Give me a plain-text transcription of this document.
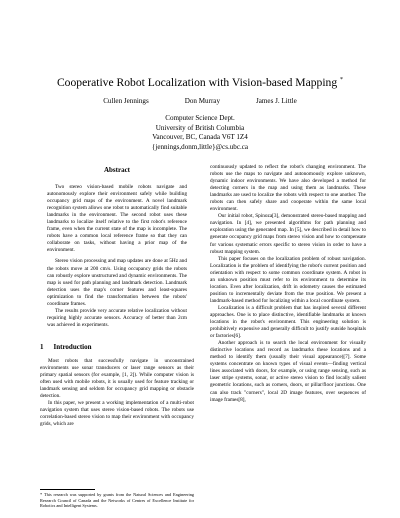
Cooperative Robot Localization with Vision-based Mapping *
Cullen Jennings	Don Murray	James J. Little
Computer Science Dept.
University of British Columbia
Vancouver, BC, Canada V6T 1Z4
{jennings,donm,little}@cs.ubc.ca
Abstract

Two stereo vision-based mobile robots navigate and autonomously explore their environment safely while building occupancy grid maps of the environment. A novel landmark recognition system allows one robot to automatically find suitable landmarks in the environment. The second robot uses these landmarks to localize itself relative to the first robot's reference frame, even when the current state of the map is incomplete. The robots have a common local reference frame so that they can collaborate on tasks, without having a prior map of the environment.

Stereo vision processing and map updates are done at 5Hz and the robots move at 200 cm/s. Using occupancy grids the robots can robustly explore unstructured and dynamic environments. The map is used for path planning and landmark detection. Landmark detection uses the map's corner features and least-squares optimization to find the transformation between the robots' coordinate frames.

The results provide very accurate relative localization without requiring highly accurate sensors. Accuracy of better than 2cm was achieved in experiments.

1 Introduction

Most robots that successfully navigate in unconstrained environments use sonar transducers or laser range sensors as their primary spatial sensors (for example, [1, 2]). While computer vision is often used with mobile robots, it is usually used for feature tracking or landmark sensing and seldom for occupancy grid mapping or obstacle detection.

In this paper, we present a working implementation of a multi-robot navigation system that uses stereo vision-based robots. The robots use correlation-based stereo vision to map their environment with occupancy grids, which are

* This research was supported by grants from the Natural Sciences and Engineering Research Council of Canada and the Networks of Centres of Excellence Institute for Robotics and Intelligent Systems.

continuously updated to reflect the robot's changing environment. The robots use the maps to navigate and autonomously explore unknown, dynamic indoor environments. We have also developed a method for detecting corners in the map and using them as landmarks. These landmarks are used to localize the robots with respect to one another. The robots can then safely share and cooperate within the same local environment.

Our initial robot, Spinoza[3], demonstrated stereo-based mapping and navigation. In [4], we presented algorithms for path planning and exploration using the generated map. In [5], we described in detail how to generate occupancy grid maps from stereo vision and how to compensate for various systematic errors specific to stereo vision in order to have a robust mapping system.

This paper focuses on the localization problem of robust navigation. Localization is the problem of identifying the robot's current position and orientation with respect to some common coordinate system. A robot in an unknown position must refer to its environment to determine its location. Even after localization, drift in odometry causes the estimated position to incrementally deviate from the true position. We present a landmark-based method for localizing within a local coordinate system.

Localization is a difficult problem that has inspired several different approaches. One is to place distinctive, identifiable landmarks at known locations in the robot's environment. This engineering solution is prohibitively expensive and generally difficult to justify outside hospitals or factories[6].

Another approach is to search the local environment for visually distinctive locations and record as landmarks these locations and a method to identify them (usually their visual appearance)[7]. Some systems concentrate on known types of visual events—finding vertical lines associated with doors, for example, or using range sensing, such as laser stripe systems, sonar, or active stereo vision to find locally salient geometric locations, such as corners, doors, or pillar/floor junctions. One can also track "corners", local 2D image features, over sequences of image frames[8],
